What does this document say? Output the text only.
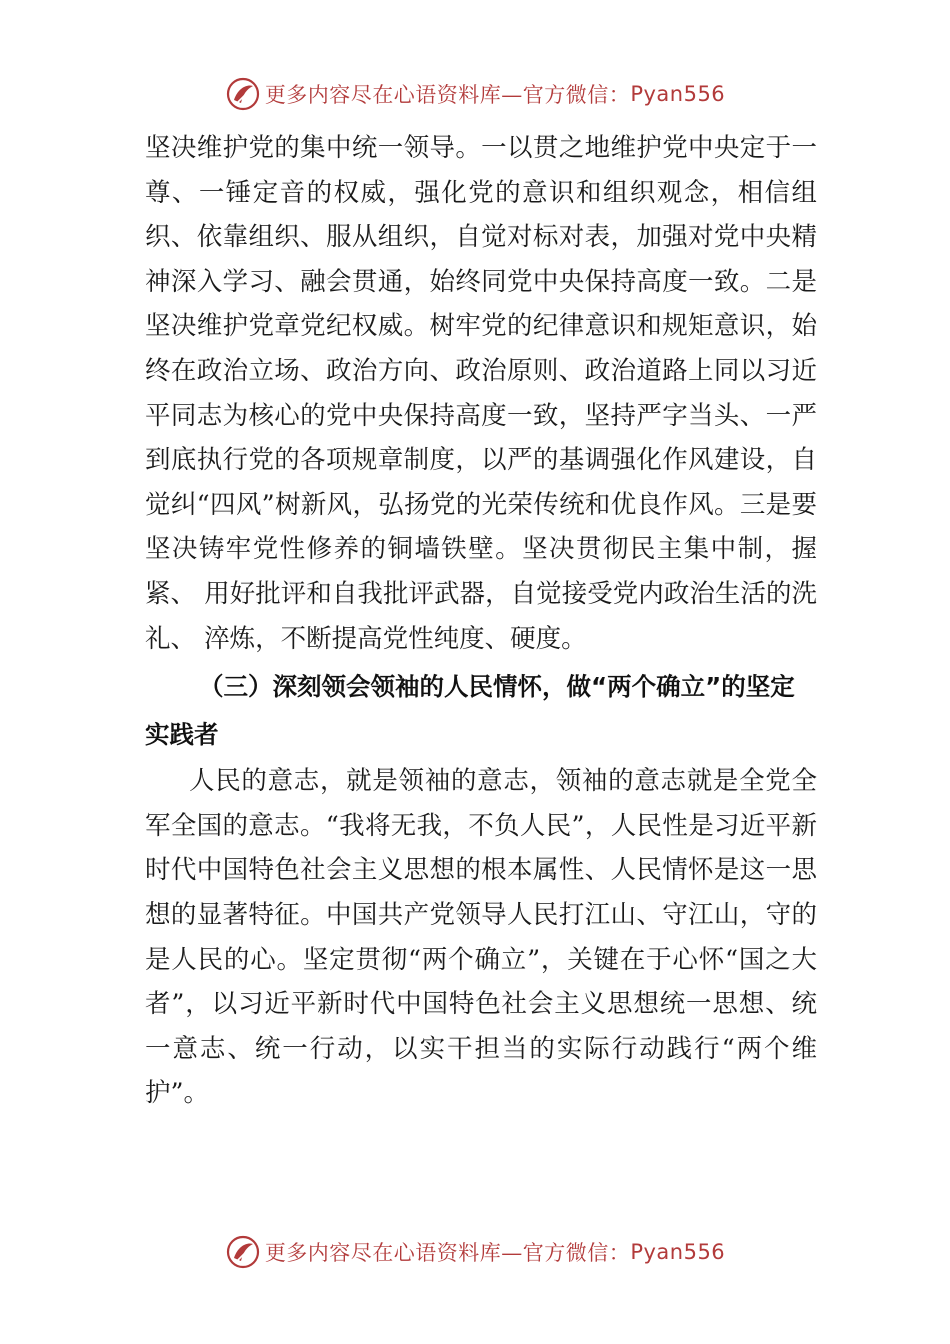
更多内容尽在心语资料库—官方微信： Pyan556

坚决维护党的集中统一领导。一以贯之地维护党中央定于一尊、一锤定音的权威，强化党的意识和组织观念，相信组织、依靠组织、服从组织，自觉对标对表，加强对党中央精神深入学习、融会贯通，始终同党中央保持高度一致。二是坚决维护党章党纪权威。树牢党的纪律意识和规矩意识，始终在政治立场、政治方向、政治原则、政治道路上同以习近平同志为核心的党中央保持高度一致，坚持严字当头、一严到底执行党的各项规章制度，以严的基调强化作风建设，自觉纠“四风”树新风，弘扬党的光荣传统和优良作风。三是要坚决铸牢党性修养的铜墙铁壁。坚决贯彻民主集中制，握紧、 用好批评和自我批评武器，自觉接受党内政治生活的洗礼、 淬炼，不断提高党性纯度、硬度。

（三）深刻领会领袖的人民情怀，做“两个确立”的坚定实践者

人民的意志，就是领袖的意志，领袖的意志就是全党全军全国的意志。“我将无我，不负人民”，人民性是习近平新时代中国特色社会主义思想的根本属性、人民情怀是这一思想的显著特征。中国共产党领导人民打江山、守江山，守的是人民的心。坚定贯彻“两个确立”，关键在于心怀“国之大者”，以习近平新时代中国特色社会主义思想统一思想、统一意志、统一行动，以实干担当的实际行动践行“两个维护”。

更多内容尽在心语资料库—官方微信： Pyan556
